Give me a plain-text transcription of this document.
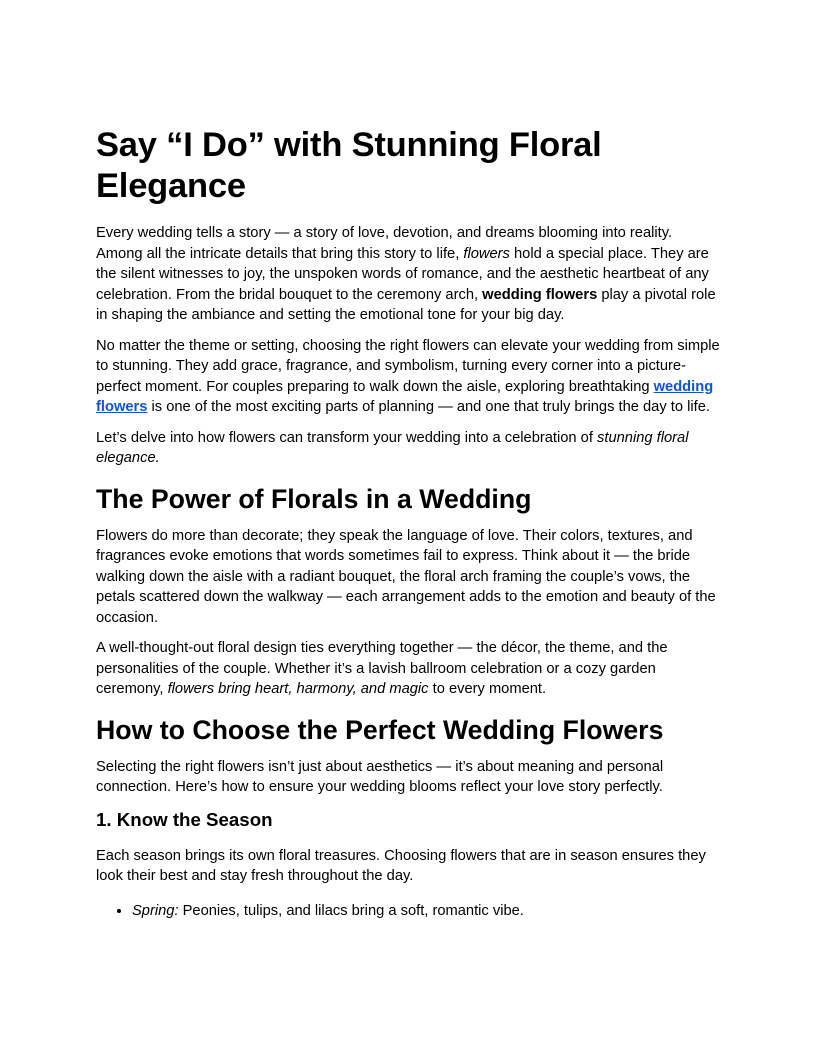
Say “I Do” with Stunning Floral Elegance

Every wedding tells a story — a story of love, devotion, and dreams blooming into reality. Among all the intricate details that bring this story to life, flowers hold a special place. They are the silent witnesses to joy, the unspoken words of romance, and the aesthetic heartbeat of any celebration. From the bridal bouquet to the ceremony arch, wedding flowers play a pivotal role in shaping the ambiance and setting the emotional tone for your big day.

No matter the theme or setting, choosing the right flowers can elevate your wedding from simple to stunning. They add grace, fragrance, and symbolism, turning every corner into a picture-perfect moment. For couples preparing to walk down the aisle, exploring breathtaking wedding flowers is one of the most exciting parts of planning — and one that truly brings the day to life.

Let’s delve into how flowers can transform your wedding into a celebration of stunning floral elegance.

The Power of Florals in a Wedding

Flowers do more than decorate; they speak the language of love. Their colors, textures, and fragrances evoke emotions that words sometimes fail to express. Think about it — the bride walking down the aisle with a radiant bouquet, the floral arch framing the couple’s vows, the petals scattered down the walkway — each arrangement adds to the emotion and beauty of the occasion.

A well-thought-out floral design ties everything together — the décor, the theme, and the personalities of the couple. Whether it’s a lavish ballroom celebration or a cozy garden ceremony, flowers bring heart, harmony, and magic to every moment.

How to Choose the Perfect Wedding Flowers

Selecting the right flowers isn’t just about aesthetics — it’s about meaning and personal connection. Here’s how to ensure your wedding blooms reflect your love story perfectly.

1. Know the Season

Each season brings its own floral treasures. Choosing flowers that are in season ensures they look their best and stay fresh throughout the day.

• Spring: Peonies, tulips, and lilacs bring a soft, romantic vibe.
